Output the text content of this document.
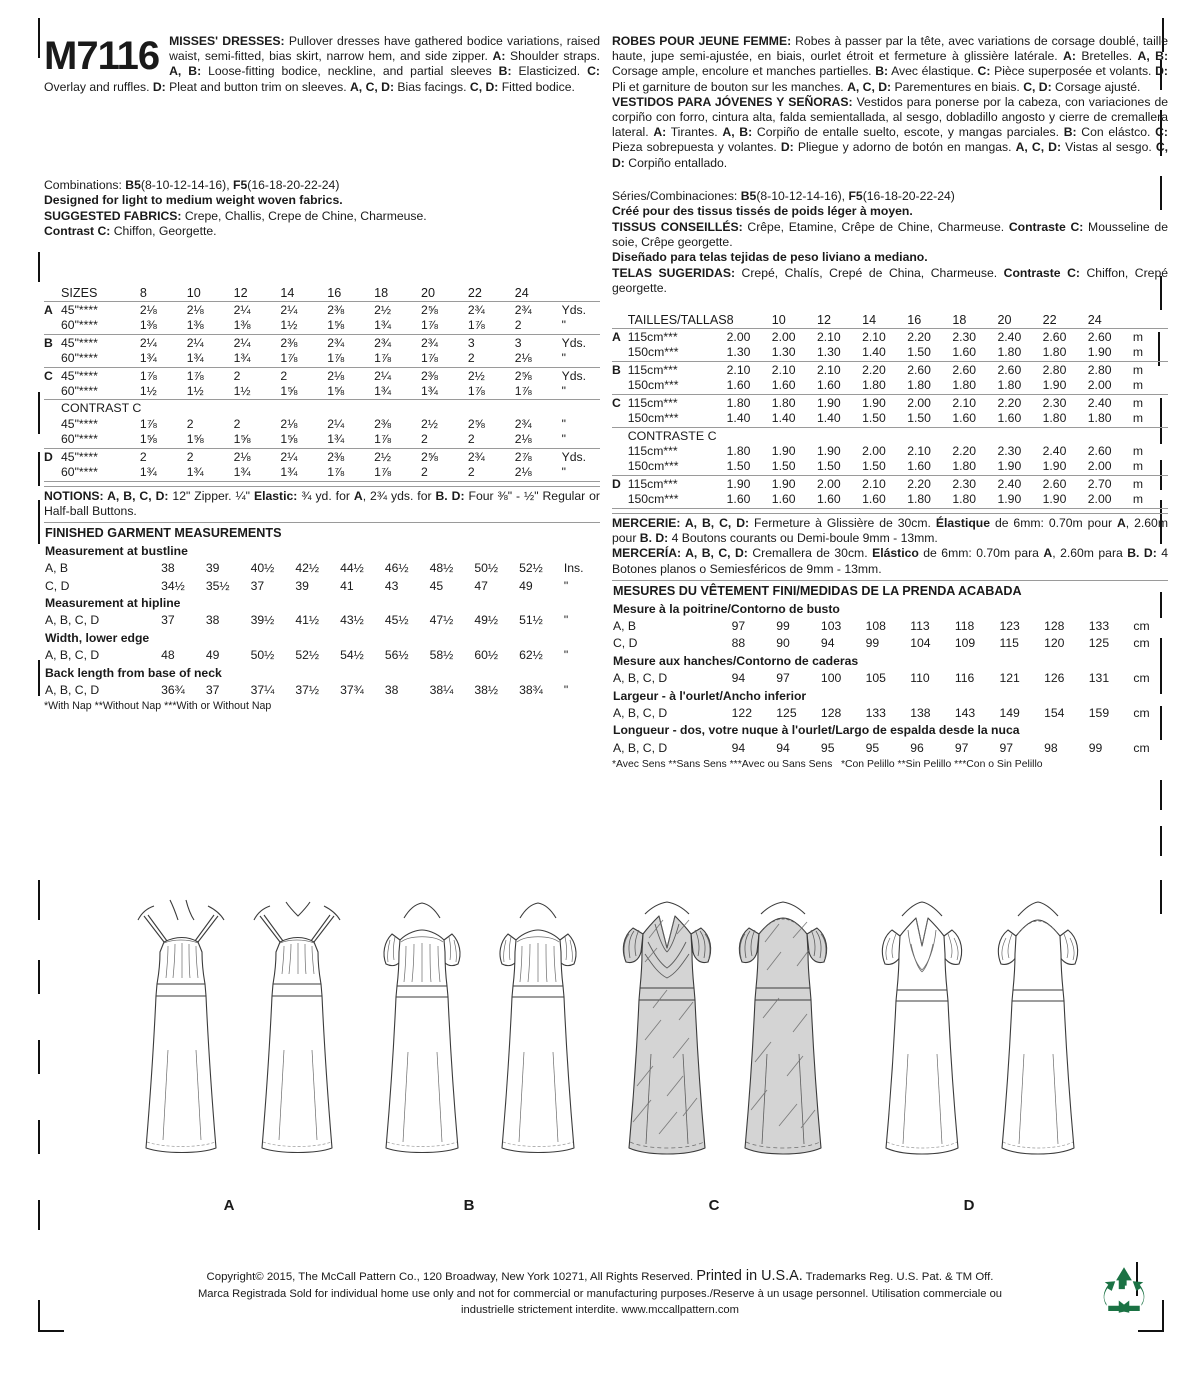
M7116 MISSES' DRESSES: Pullover dresses have gathered bodice variations, raised waist, semi-fitted, bias skirt, narrow hem, and side zipper. A: Shoulder straps. A, B: Loose-fitting bodice, neckline, and partial sleeves B: Elasticized. C: Overlay and ruffles. D: Pleat and button trim on sleeves. A, C, D: Bias facings. C, D: Fitted bodice.

Combinations: B5(8-10-12-14-16), F5(16-18-20-22-24)
Designed for light to medium weight woven fabrics.
SUGGESTED FABRICS: Crepe, Challis, Crepe de Chine, Charmeuse.
Contrast C: Chiffon, Georgette.
	SIZES	8	10	12	14	16	18	20	22	24	

A	45"****	2⅛	2⅛	2¼	2¼	2⅜	2½	2⅝	2¾	2¾	Yds.
	60"****	1⅜	1⅜	1⅜	1½	1⅝	1¾	1⅞	1⅞	2	"

B	45"****	2¼	2¼	2¼	2⅜	2¾	2¾	2¾	3	3	Yds.
	60"****	1¾	1¾	1¾	1⅞	1⅞	1⅞	1⅞	2	2⅛	"

C	45"****	1⅞	1⅞	2	2	2⅛	2¼	2⅜	2½	2⅝	Yds.
	60"****	1½	1½	1½	1⅝	1⅝	1¾	1¾	1⅞	1⅞	"

	CONTRAST C										
	45"****	1⅞	2	2	2⅛	2¼	2⅜	2½	2⅝	2¾	"
	60"****	1⅝	1⅝	1⅝	1⅝	1¾	1⅞	2	2	2⅛	"

D	45"****	2	2	2⅛	2¼	2⅜	2½	2⅝	2¾	2⅞	Yds.
	60"****	1¾	1¾	1¾	1¾	1⅞	1⅞	2	2	2⅛	"

NOTIONS: A, B, C, D: 12" Zipper. ¼" Elastic: ¾ yd. for A, 2¾ yds. for B. D: Four ⅜" - ½" Regular or Half-ball Buttons.
FINISHED GARMENT MEASUREMENTS										
Measurement at bustline										
A, B	38	39	40½	42½	44½	46½	48½	50½	52½	Ins.
C, D	34½	35½	37	39	41	43	45	47	49	"
Measurement at hipline										
A, B, C, D	37	38	39½	41½	43½	45½	47½	49½	51½	"
Width, lower edge										
A, B, C, D	48	49	50½	52½	54½	56½	58½	60½	62½	"
Back length from base of neck										
A, B, C, D	36¾	37	37¼	37½	37¾	38	38¼	38½	38¾	"
*With Nap **Without Nap ***With or Without Nap

ROBES POUR JEUNE FEMME: Robes à passer par la tête, avec variations de corsage doublé, taille haute, jupe semi-ajustée, en biais, ourlet étroit et fermeture à glissière latérale. A: Bretelles. A, B: Corsage ample, encolure et manches partielles. B: Avec élastique. C: Pièce superposée et volants. D: Pli et garniture de bouton sur les manches. A, C, D: Parementures en biais. C, D: Corsage ajusté.

VESTIDOS PARA JÓVENES Y SEÑORAS: Vestidos para ponerse por la cabeza, con variaciones de corpiño con forro, cintura alta, falda semientallada, al sesgo, dobladillo angosto y cierre de cremallera lateral. A: Tirantes. A, B: Corpiño de entalle suelto, escote, y mangas parciales. B: Con elástco. C: Pieza sobrepuesta y volantes. D: Pliegue y adorno de botón en mangas. A, C, D: Vistas al sesgo. C, D: Corpiño entallado.

Séries/Combinaciones: B5(8-10-12-14-16), F5(16-18-20-22-24)
Créé pour des tissus tissés de poids léger à moyen.
TISSUS CONSEILLÉS: Crêpe, Etamine, Crêpe de Chine, Charmeuse. Contraste C: Mousseline de soie, Crêpe georgette.
Diseñado para telas tejidas de peso liviano a mediano.
TELAS SUGERIDAS: Crepé, Chalís, Crepé de China, Charmeuse. Contraste C: Chiffon, Crepé georgette.
	TAILLES/TALLAS	8	10	12	14	16	18	20	22	24	

A	115cm***	2.00	2.00	2.10	2.10	2.20	2.30	2.40	2.60	2.60	m
	150cm***	1.30	1.30	1.30	1.40	1.50	1.60	1.80	1.80	1.90	m

B	115cm***	2.10	2.10	2.10	2.20	2.60	2.60	2.60	2.80	2.80	m
	150cm***	1.60	1.60	1.60	1.80	1.80	1.80	1.80	1.90	2.00	m

C	115cm***	1.80	1.80	1.90	1.90	2.00	2.10	2.20	2.30	2.40	m
	150cm***	1.40	1.40	1.40	1.50	1.50	1.60	1.60	1.80	1.80	m

	CONTRASTE C										
	115cm***	1.80	1.90	1.90	2.00	2.10	2.20	2.30	2.40	2.60	m
	150cm***	1.50	1.50	1.50	1.50	1.60	1.80	1.90	1.90	2.00	m

D	115cm***	1.90	1.90	2.00	2.10	2.20	2.30	2.40	2.60	2.70	m
	150cm***	1.60	1.60	1.60	1.60	1.80	1.80	1.90	1.90	2.00	m

MERCERIE: A, B, C, D: Fermeture à Glissière de 30cm. Élastique de 6mm: 0.70m pour A, 2.60m pour B. D: 4 Boutons courants ou Demi-boule 9mm - 13mm.
MERCERÍA: A, B, C, D: Cremallera de 30cm. Elástico de 6mm: 0.70m para A, 2.60m para B. D: 4 Botones planos o Semiesféricos de 9mm - 13mm.
MESURES DU VÊTEMENT FINI/MEDIDAS DE LA PRENDA ACABADA										
Mesure à la poitrine/Contorno de busto										
A, B	97	99	103	108	113	118	123	128	133	cm
C, D	88	90	94	99	104	109	115	120	125	cm
Mesure aux hanches/Contorno de caderas										
A, B, C, D	94	97	100	105	110	116	121	126	131	cm
Largeur - à l'ourlet/Ancho inferior										
A, B, C, D	122	125	128	133	138	143	149	154	159	cm
Longueur - dos, votre nuque à l'ourlet/Largo de espalda desde la nuca										
A, B, C, D	94	94	95	95	96	97	97	98	99	cm
*Avec Sens **Sans Sens ***Avec ou Sans Sens *Con Pelillo **Sin Pelillo ***Con o Sin Pelillo
A	B	C	D
Copyright© 2015, The McCall Pattern Co., 120 Broadway, New York 10271, All Rights Reserved. Printed in U.S.A. Trademarks Reg. U.S. Pat. & TM Off.
Marca Registrada Sold for individual home use only and not for commercial or manufacturing purposes./Reserve à un usage personnel. Utilisation commerciale ou
industrielle strictement interdite. www.mccallpattern.com
